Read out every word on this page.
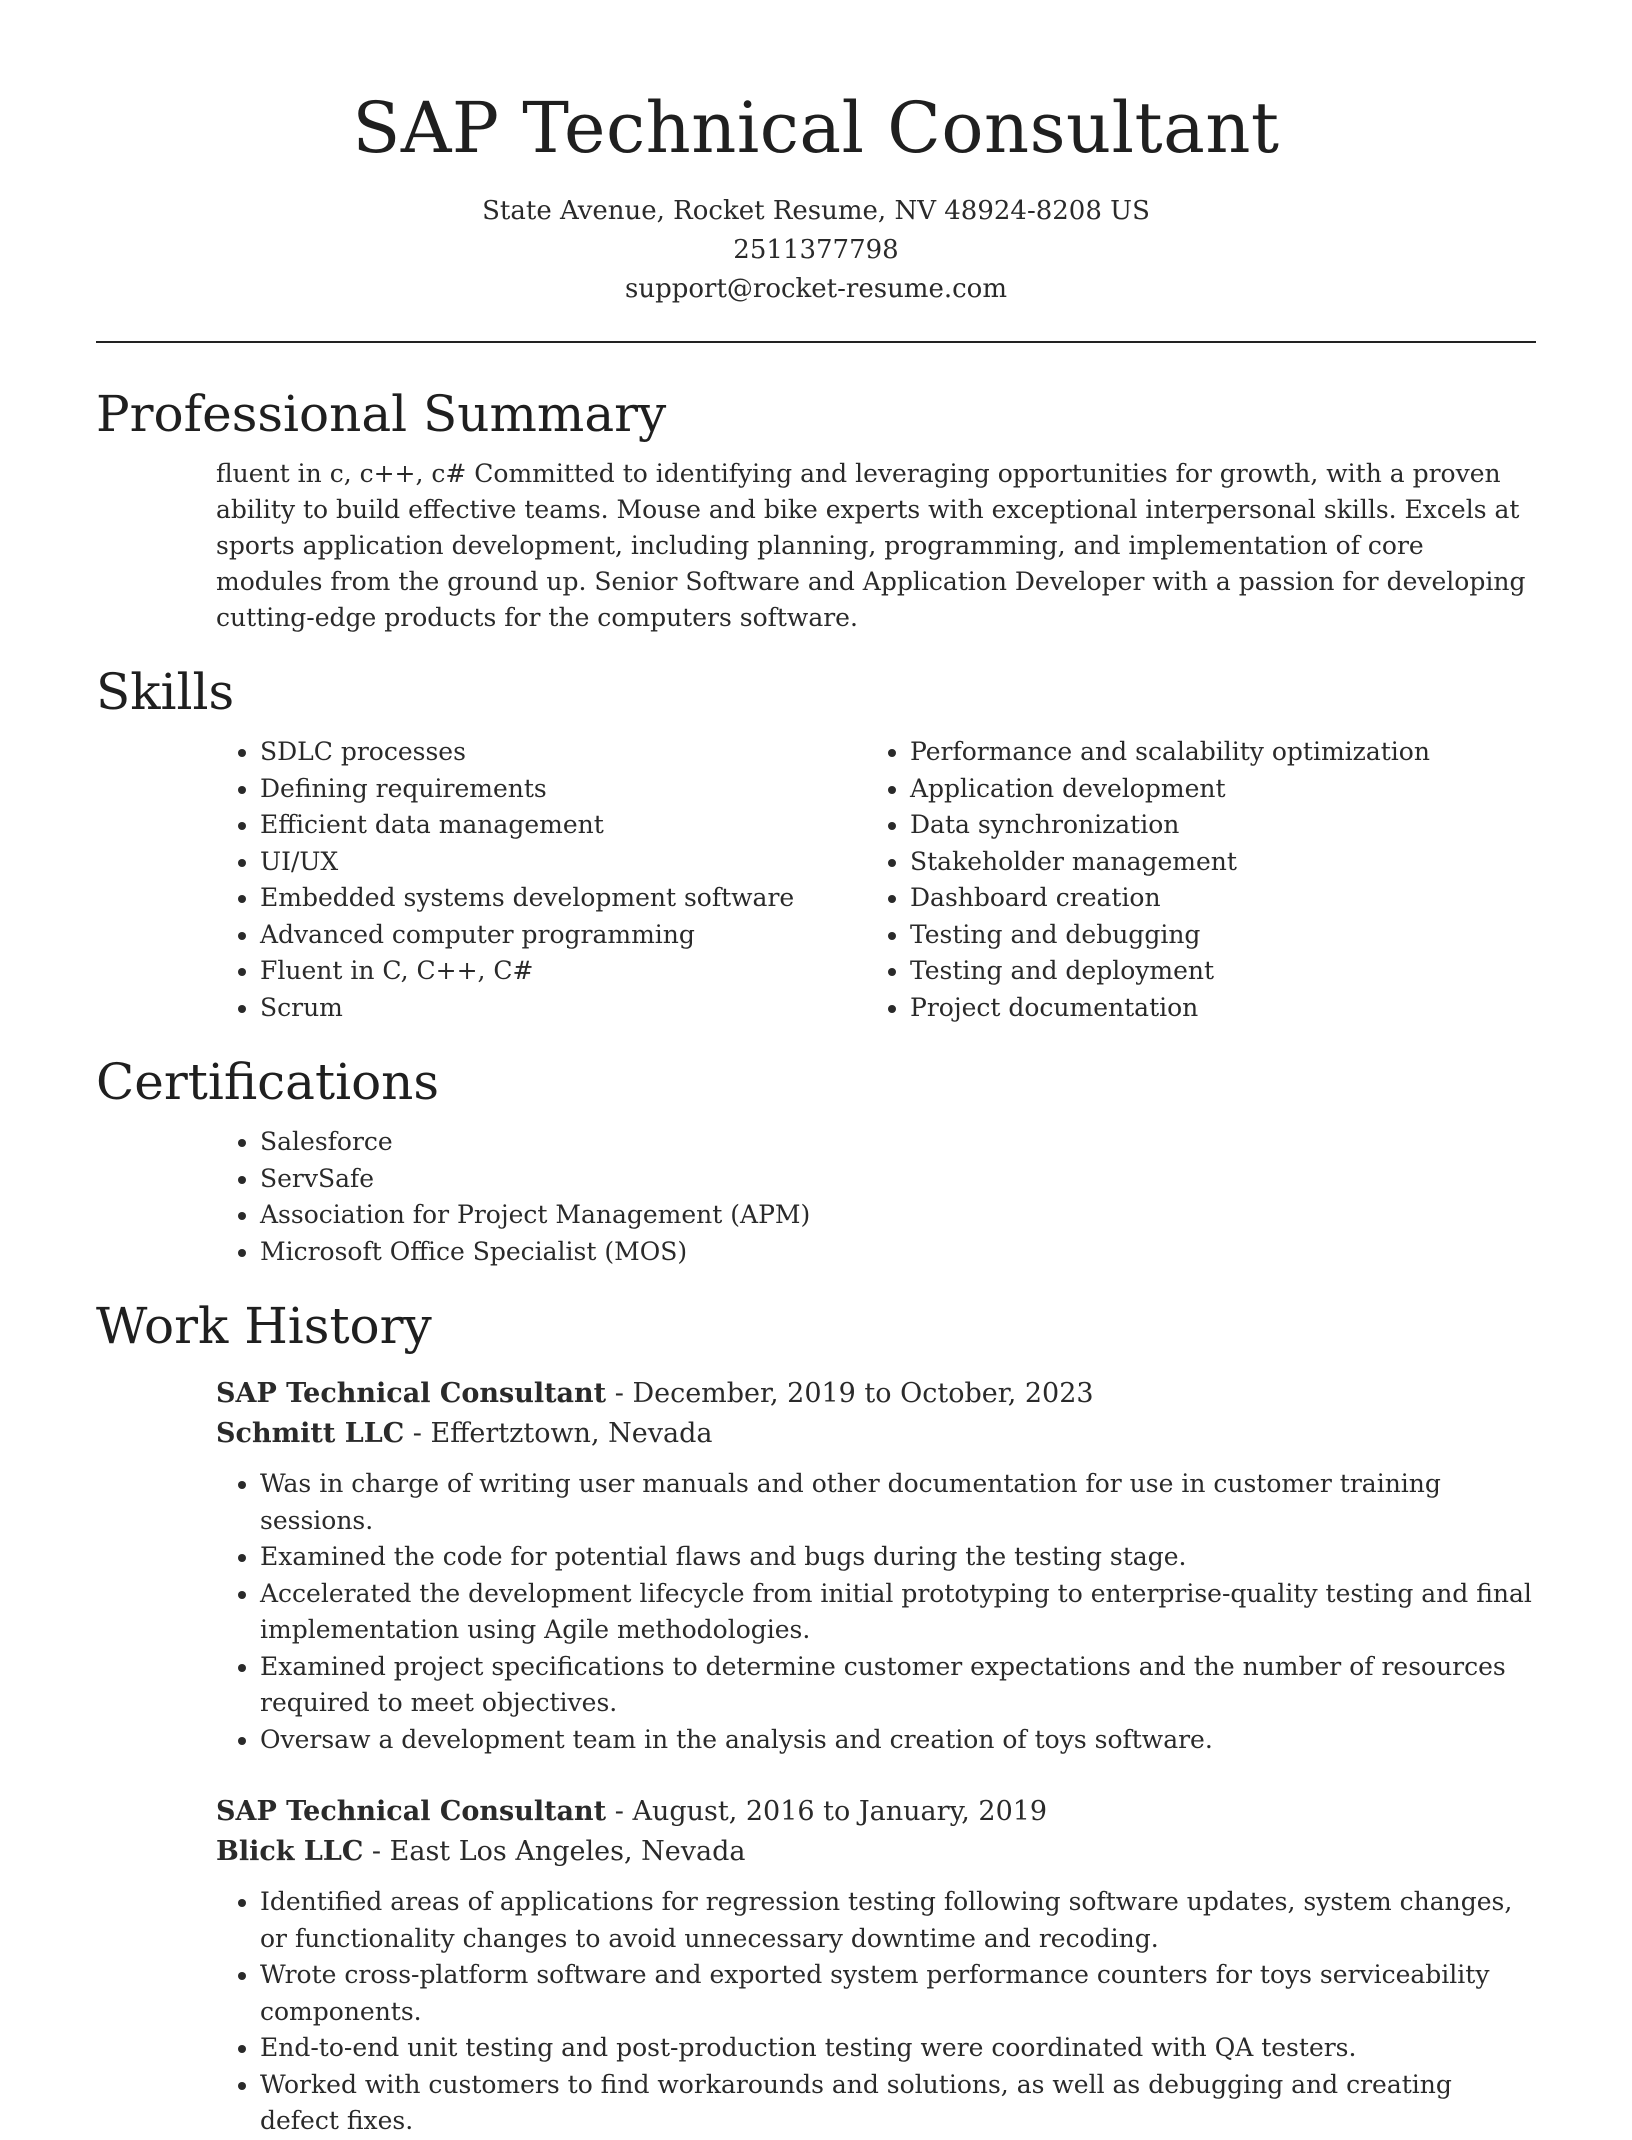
SAP Technical Consultant
State Avenue, Rocket Resume, NV 48924-8208 US
2511377798
support@rocket-resume.com
Professional Summary

fluent in c, c++, c# Committed to identifying and leveraging opportunities for growth, with a proven ability to build effective teams. Mouse and bike experts with exceptional interpersonal skills. Excels at sports application development, including planning, programming, and implementation of core modules from the ground up. Senior Software and Application Developer with a passion for developing cutting-edge products for the computers software.

Skills
• SDLC processes
• Defining requirements
• Efficient data management
• UI/UX
• Embedded systems development software
• Advanced computer programming
• Fluent in C, C++, C#
• Scrum
• Performance and scalability optimization
• Application development
• Data synchronization
• Stakeholder management
• Dashboard creation
• Testing and debugging
• Testing and deployment
• Project documentation
Certifications
• Salesforce
• ServSafe
• Association for Project Management (APM)
• Microsoft Office Specialist (MOS)
Work History
SAP Technical Consultant - December, 2019 to October, 2023
Schmitt LLC - Effertztown, Nevada
• Was in charge of writing user manuals and other documentation for use in customer training sessions.
• Examined the code for potential flaws and bugs during the testing stage.
• Accelerated the development lifecycle from initial prototyping to enterprise-quality testing and final implementation using Agile methodologies.
• Examined project specifications to determine customer expectations and the number of resources required to meet objectives.
• Oversaw a development team in the analysis and creation of toys software.
SAP Technical Consultant - August, 2016 to January, 2019
Blick LLC - East Los Angeles, Nevada
• Identified areas of applications for regression testing following software updates, system changes, or functionality changes to avoid unnecessary downtime and recoding.
• Wrote cross-platform software and exported system performance counters for toys serviceability components.
• End-to-end unit testing and post-production testing were coordinated with QA testers.
• Worked with customers to find workarounds and solutions, as well as debugging and creating defect fixes.
